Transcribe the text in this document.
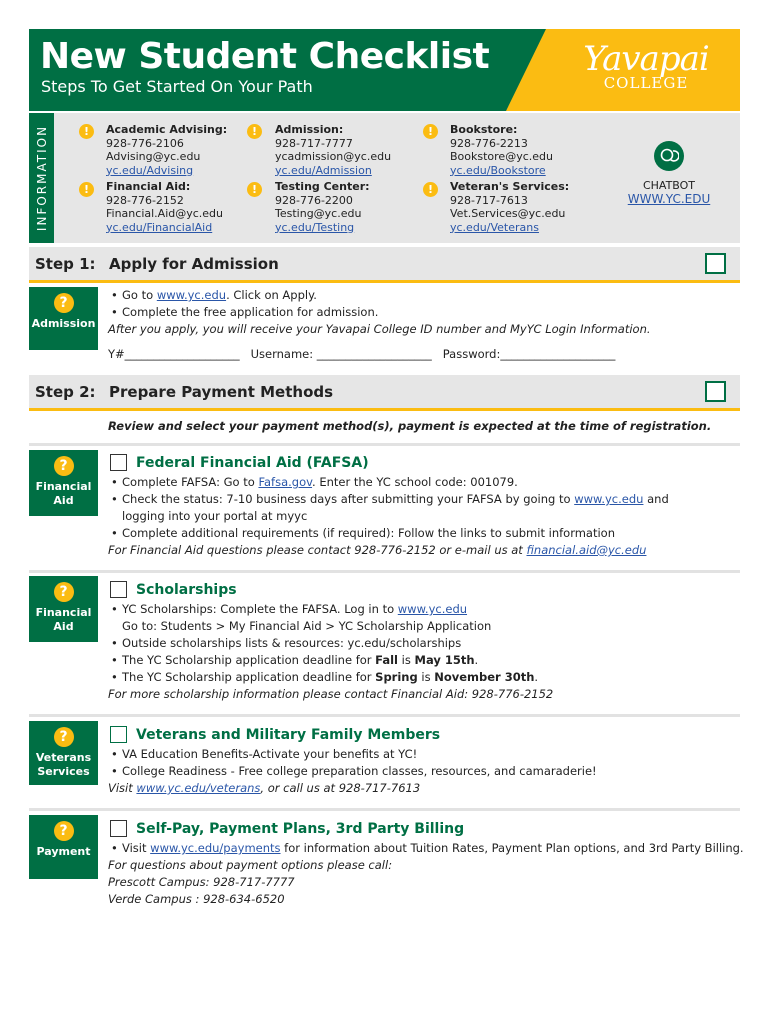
New Student Checklist
Steps To Get Started On Your Path
Yavapai
COLLEGE
INFORMATION	!	Academic Advising:
928-776-2106
Advising@yc.edu
yc.edu/Advising
!	Admission:
928-717-7777
ycadmission@yc.edu
yc.edu/Admission
!	Bookstore:
928-776-2213
Bookstore@yc.edu
yc.edu/Bookstore
!	Financial Aid:
928-776-2152
Financial.Aid@yc.edu
yc.edu/FinancialAid
!	Testing Center:
928-776-2200
Testing@yc.edu
yc.edu/Testing
!	Veteran's Services:
928-717-7613
Vet.Services@yc.edu
yc.edu/Veterans
CHATBOT
WWW.YC.EDU
Step 1: Apply for Admission
?
Admission
• Go to www.yc.edu. Click on Apply.
• Complete the free application for admission.
After you apply, you will receive your Yavapai College ID number and MyYC Login Information.
Y#____________________   Username: ____________________   Password:____________________
Step 2: Prepare Payment Methods
Review and select your payment method(s), payment is expected at the time of registration.
?
Financial
Aid
Federal Financial Aid (FAFSA)
• Complete FAFSA: Go to Fafsa.gov. Enter the YC school code: 001079.
• Check the status: 7-10 business days after submitting your FAFSA by going to www.yc.edu and
logging into your portal at myyc
• Complete additional requirements (if required): Follow the links to submit information
For Financial Aid questions please contact 928-776-2152 or e-mail us at financial.aid@yc.edu
?
Financial
Aid
Scholarships
• YC Scholarships: Complete the FAFSA. Log in to www.yc.edu
Go to: Students > My Financial Aid > YC Scholarship Application
• Outside scholarships lists & resources: yc.edu/scholarships
• The YC Scholarship application deadline for Fall is May 15th.
• The YC Scholarship application deadline for Spring is November 30th.
For more scholarship information please contact Financial Aid: 928-776-2152
?
Veterans
Services
Veterans and Military Family Members
• VA Education Benefits-Activate your benefits at YC!
• College Readiness - Free college preparation classes, resources, and camaraderie!
Visit www.yc.edu/veterans, or call us at 928-717-7613
?
Payment
Self-Pay, Payment Plans, 3rd Party Billing
• Visit www.yc.edu/payments for information about Tuition Rates, Payment Plan options, and 3rd Party Billing.
For questions about payment options please call:
Prescott Campus: 928-717-7777
Verde Campus : 928-634-6520
